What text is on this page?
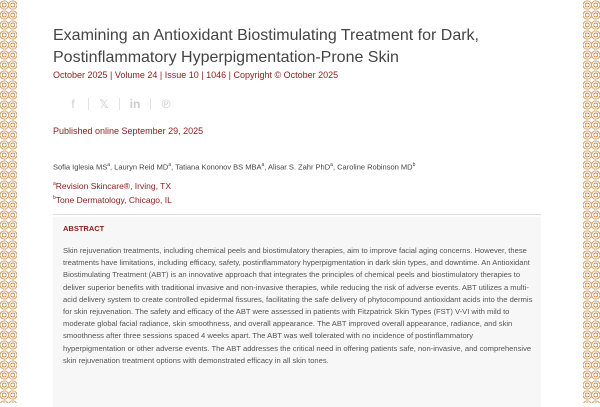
Examining an Antioxidant Biostimulating Treatment for Dark, Postinflammatory Hyperpigmentation-Prone Skin
October 2025 | Volume 24 | Issue 10 | 1046 | Copyright © October 2025
f	𝕏	in	℗
Published online September 29, 2025
Sofia Iglesia $MS^a$, Lauryn Reid $MD^a$, Tatiana Kononov BS MBA$^a$, Alisar S. Zahr PhD$^a$, Caroline Robinson $MD^b$
$^a$Revision Skincare®, Irving, TX
$^b$Tone Dermatology, Chicago, IL
ABSTRACT

Skin rejuvenation treatments, including chemical peels and biostimulatory therapies, aim to improve facial aging concerns. However, these treatments have limitations, including efficacy, safety, postinflammatory hyperpigmentation in dark skin types, and downtime. An Antioxidant Biostimulating Treatment (ABT) is an innovative approach that integrates the principles of chemical peels and biostimulatory therapies to deliver superior benefits with traditional invasive and non-invasive therapies, while reducing the risk of adverse events. ABT utilizes a multi-acid delivery system to create controlled epidermal fissures, facilitating the safe delivery of phytocompound antioxidant acids into the dermis for skin rejuvenation. The safety and efficacy of the ABT were assessed in patients with Fitzpatrick Skin Types (FST) V-VI with mild to moderate global facial radiance, skin smoothness, and overall appearance. The ABT improved overall appearance, radiance, and skin smoothness after three sessions spaced 4 weeks apart. The ABT was well tolerated with no incidence of postinflammatory hyperpigmentation or other adverse events. The ABT addresses the critical need in offering patients safe, non-invasive, and comprehensive skin rejuvenation treatment options with demonstrated efficacy in all skin tones.
